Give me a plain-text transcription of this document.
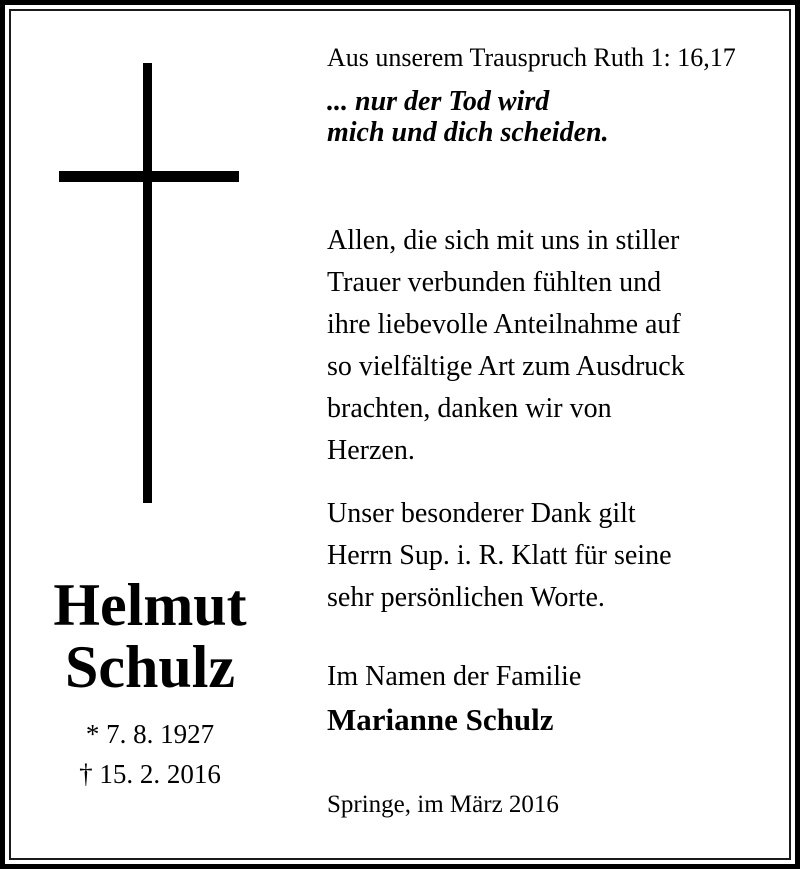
Helmut
Schulz
* 7. 8. 1927
† 15. 2. 2016
Aus unserem Trauspruch Ruth 1: 16,17
... nur der Tod wird
mich und dich scheiden.
Allen, die sich mit uns in stiller
Trauer verbunden fühlten und
ihre liebevolle Anteilnahme auf
so vielfältige Art zum Ausdruck
brachten, danken wir von
Herzen.
Unser besonderer Dank gilt
Herrn Sup. i. R. Klatt für seine
sehr persönlichen Worte.
Im Namen der Familie
Marianne Schulz
Springe, im März 2016
